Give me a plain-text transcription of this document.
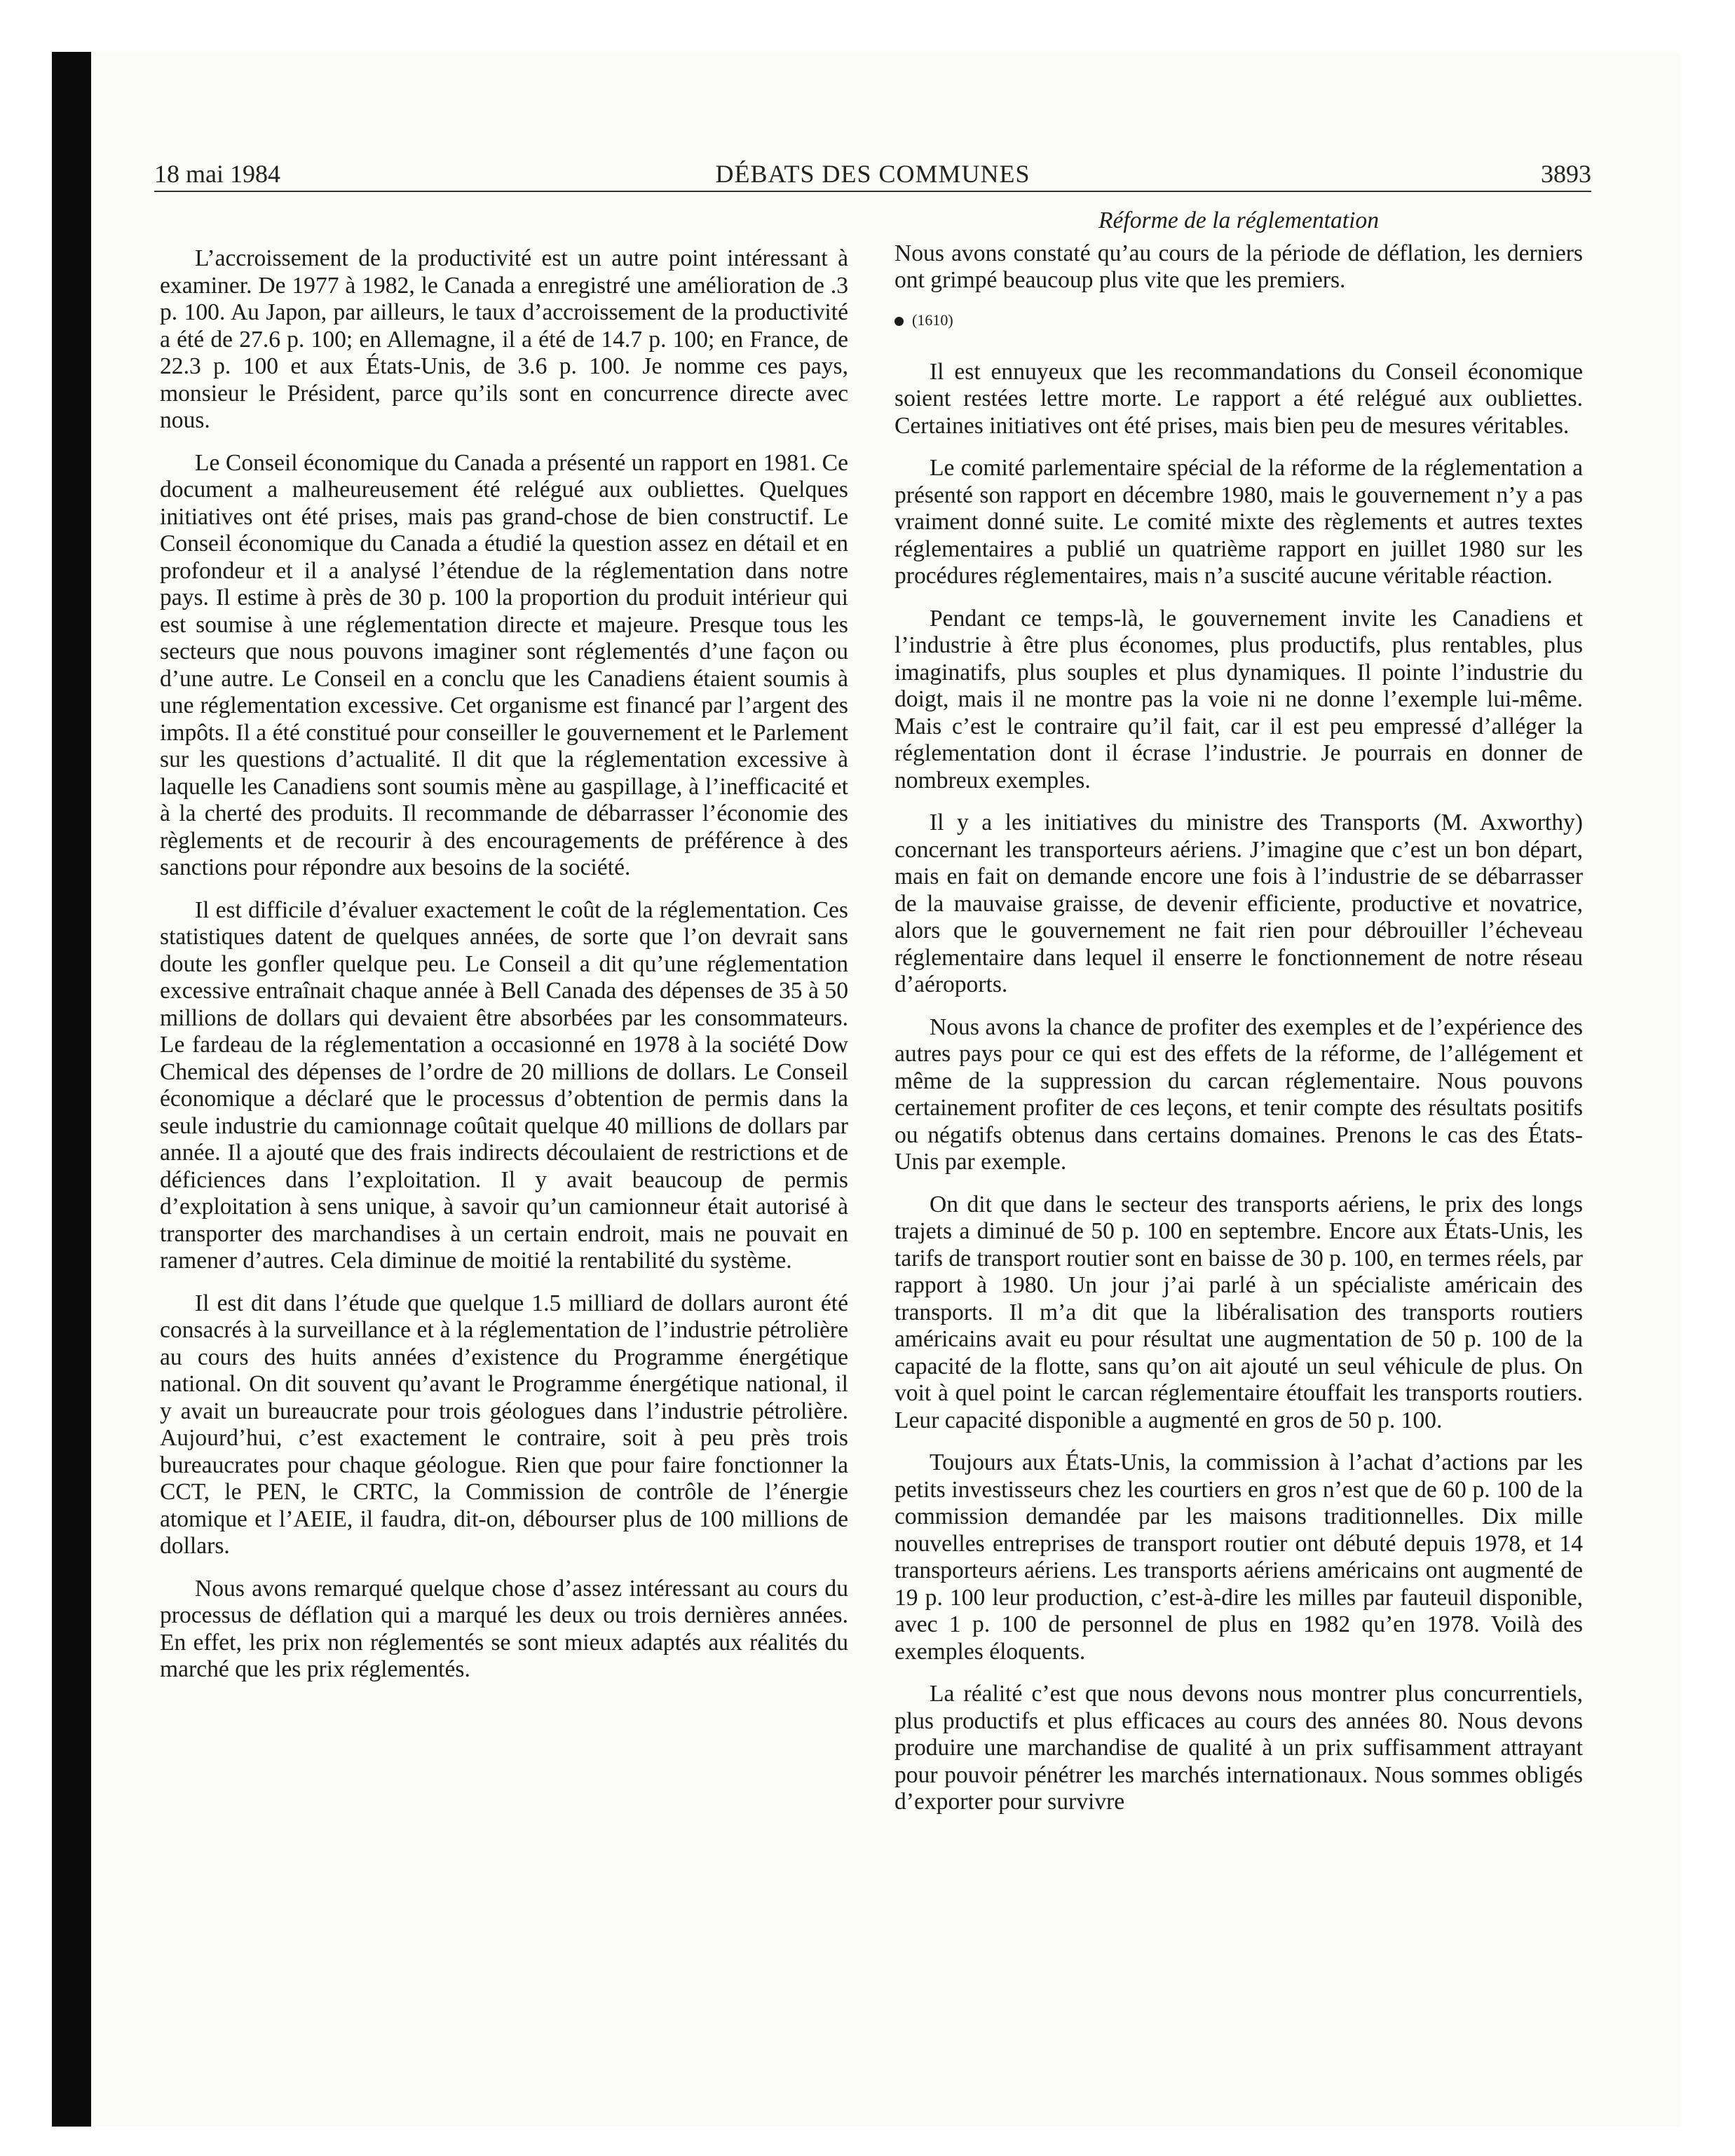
18 mai 1984	DÉBATS DES COMMUNES	3893

L’accroissement de la productivité est un autre point intéressant à examiner. De 1977 à 1982, le Canada a enregistré une amélioration de .3 p. 100. Au Japon, par ailleurs, le taux d’accroissement de la productivité a été de 27.6 p. 100; en Allemagne, il a été de 14.7 p. 100; en France, de 22.3 p. 100 et aux États-Unis, de 3.6 p. 100. Je nomme ces pays, monsieur le Président, parce qu’ils sont en concurrence directe avec nous.

Le Conseil économique du Canada a présenté un rapport en 1981. Ce document a malheureusement été relégué aux oubliettes. Quelques initiatives ont été prises, mais pas grand-chose de bien constructif. Le Conseil économique du Canada a étudié la question assez en détail et en profondeur et il a analysé l’étendue de la réglementation dans notre pays. Il estime à près de 30 p. 100 la proportion du produit intérieur qui est soumise à une réglementation directe et majeure. Presque tous les secteurs que nous pouvons imaginer sont réglementés d’une façon ou d’une autre. Le Conseil en a conclu que les Canadiens étaient soumis à une réglementation excessive. Cet organisme est financé par l’argent des impôts. Il a été constitué pour conseiller le gouvernement et le Parlement sur les questions d’actualité. Il dit que la réglementation excessive à laquelle les Canadiens sont soumis mène au gaspillage, à l’inefficacité et à la cherté des produits. Il recommande de débarrasser l’économie des règlements et de recourir à des encouragements de préférence à des sanctions pour répondre aux besoins de la société.

Il est difficile d’évaluer exactement le coût de la réglementation. Ces statistiques datent de quelques années, de sorte que l’on devrait sans doute les gonfler quelque peu. Le Conseil a dit qu’une réglementation excessive entraînait chaque année à Bell Canada des dépenses de 35 à 50 millions de dollars qui devaient être absorbées par les consommateurs. Le fardeau de la réglementation a occasionné en 1978 à la société Dow Chemical des dépenses de l’ordre de 20 millions de dollars. Le Conseil économique a déclaré que le processus d’obtention de permis dans la seule industrie du camionnage coûtait quelque 40 millions de dollars par année. Il a ajouté que des frais indirects découlaient de restrictions et de déficiences dans l’exploitation. Il y avait beaucoup de permis d’exploitation à sens unique, à savoir qu’un camionneur était autorisé à transporter des marchandises à un certain endroit, mais ne pouvait en ramener d’autres. Cela diminue de moitié la rentabilité du système.

Il est dit dans l’étude que quelque 1.5 milliard de dollars auront été consacrés à la surveillance et à la réglementation de l’industrie pétrolière au cours des huits années d’existence du Programme énergétique national. On dit souvent qu’avant le Programme énergétique national, il y avait un bureaucrate pour trois géologues dans l’industrie pétrolière. Aujourd’hui, c’est exactement le contraire, soit à peu près trois bureaucrates pour chaque géologue. Rien que pour faire fonctionner la CCT, le PEN, le CRTC, la Commission de contrôle de l’énergie atomique et l’AEIE, il faudra, dit-on, débourser plus de 100 millions de dollars.

Nous avons remarqué quelque chose d’assez intéressant au cours du processus de déflation qui a marqué les deux ou trois dernières années. En effet, les prix non réglementés se sont mieux adaptés aux réalités du marché que les prix réglementés.

Réforme de la réglementation

Nous avons constaté qu’au cours de la période de déflation, les derniers ont grimpé beaucoup plus vite que les premiers.

(1610)

Il est ennuyeux que les recommandations du Conseil économique soient restées lettre morte. Le rapport a été relégué aux oubliettes. Certaines initiatives ont été prises, mais bien peu de mesures véritables.

Le comité parlementaire spécial de la réforme de la réglementation a présenté son rapport en décembre 1980, mais le gouvernement n’y a pas vraiment donné suite. Le comité mixte des règlements et autres textes réglementaires a publié un quatrième rapport en juillet 1980 sur les procédures réglementaires, mais n’a suscité aucune véritable réaction.

Pendant ce temps-là, le gouvernement invite les Canadiens et l’industrie à être plus économes, plus productifs, plus rentables, plus imaginatifs, plus souples et plus dynamiques. Il pointe l’industrie du doigt, mais il ne montre pas la voie ni ne donne l’exemple lui-même. Mais c’est le contraire qu’il fait, car il est peu empressé d’alléger la réglementation dont il écrase l’industrie. Je pourrais en donner de nombreux exemples.

Il y a les initiatives du ministre des Transports (M. Axworthy) concernant les transporteurs aériens. J’imagine que c’est un bon départ, mais en fait on demande encore une fois à l’industrie de se débarrasser de la mauvaise graisse, de devenir efficiente, productive et novatrice, alors que le gouvernement ne fait rien pour débrouiller l’écheveau réglementaire dans lequel il enserre le fonctionnement de notre réseau d’aéroports.

Nous avons la chance de profiter des exemples et de l’expérience des autres pays pour ce qui est des effets de la réforme, de l’allégement et même de la suppression du carcan réglementaire. Nous pouvons certainement profiter de ces leçons, et tenir compte des résultats positifs ou négatifs obtenus dans certains domaines. Prenons le cas des États-Unis par exemple.

On dit que dans le secteur des transports aériens, le prix des longs trajets a diminué de 50 p. 100 en septembre. Encore aux États-Unis, les tarifs de transport routier sont en baisse de 30 p. 100, en termes réels, par rapport à 1980. Un jour j’ai parlé à un spécialiste américain des transports. Il m’a dit que la libéralisation des transports routiers américains avait eu pour résultat une augmentation de 50 p. 100 de la capacité de la flotte, sans qu’on ait ajouté un seul véhicule de plus. On voit à quel point le carcan réglementaire étouffait les transports routiers. Leur capacité disponible a augmenté en gros de 50 p. 100.

Toujours aux États-Unis, la commission à l’achat d’actions par les petits investisseurs chez les courtiers en gros n’est que de 60 p. 100 de la commission demandée par les maisons traditionnelles. Dix mille nouvelles entreprises de transport routier ont débuté depuis 1978, et 14 transporteurs aériens. Les transports aériens américains ont augmenté de 19 p. 100 leur production, c’est-à-dire les milles par fauteuil disponible, avec 1 p. 100 de personnel de plus en 1982 qu’en 1978. Voilà des exemples éloquents.

La réalité c’est que nous devons nous montrer plus concurrentiels, plus productifs et plus efficaces au cours des années 80. Nous devons produire une marchandise de qualité à un prix suffisamment attrayant pour pouvoir pénétrer les marchés internationaux. Nous sommes obligés d’exporter pour survivre
